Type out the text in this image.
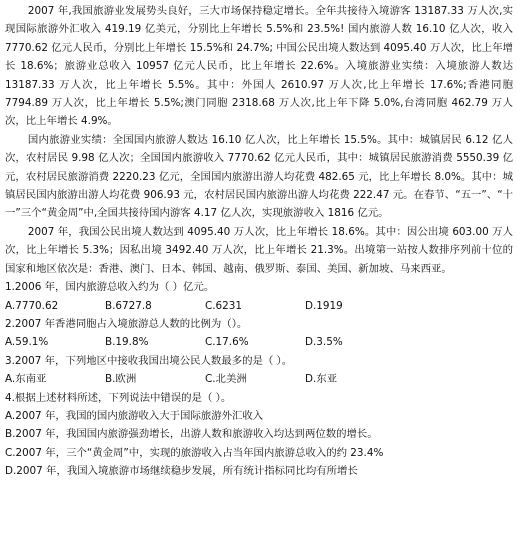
2007 年,我国旅游业发展势头良好，三大市场保持稳定增长。全年共接待入境游客 13187.33 万人次,实现国际旅游外汇收入 419.19 亿美元，分别比上年增长 5.5%和 23.5%! 国内旅游人数 16.10 亿人次，收入 7770.62 亿元人民币，分别比上年增长 15.5%和 24.7%; 中国公民出境人数达到 4095.40 万人次，比上年增长 18.6%；旅游业总收入 10957 亿元人民币，比上年增长 22.6%。入境旅游业实绩：入境旅游人数达 13187.33 万人次，比上年增长 5.5%。其中：外国人 2610.97 万人次,比上年增长 17.6%;香港同胞 7794.89 万人次，比上年增长 5.5%;澳门同胞 2318.68 万人次,比上年下降 5.0%,台湾同胞 462.79 万人次，比上年增长 4.9%。

国内旅游业实绩：全国国内旅游人数达 16.10 亿人次，比上年增长 15.5%。其中：城镇居民 6.12 亿人次，农村居民 9.98 亿人次；全国国内旅游收入 7770.62 亿元人民币，其中：城镇居民旅游消费 5550.39 亿元，农村居民旅游消费 2220.23 亿元，全国国内旅游出游人均花费 482.65 元，比上年增长 8.0%。其中：城镇居民国内旅游出游人均花费 906.93 元，农村居民国内旅游出游人均花费 222.47 元。在春节、“五一”、“十一”三个“黄金周”中,全国共接待国内游客 4.17 亿人次，实现旅游收入 1816 亿元。

2007 年，我国公民出境人数达到 4095.40 万人次，比上年增长 18.6%。其中：因公出境 603.00 万人次，比上年增长 5.3%；因私出境 3492.40 万人次，比上年增长 21.3%。出境第一站按人数排序列前十位的国家和地区依次是：香港、澳门、日本、韩国、越南、俄罗斯、泰国、美国、新加坡、马来西亚。

1.2006 年，国内旅游总收入约为（ ）亿元。

A.7770.62	B.6727.8	C.6231	D.1919

2.2007 年香港同胞占入境旅游总人数的比例为（）。

A.59.1%	B.19.8%	C.17.6%	D.3.5%

3.2007 年，下列地区中接收我国出境公民人数最多的是（ ）。

A.东南亚	B.欧洲	C.北美洲	D.东亚

4.根据上述材料所述，下列说法中错误的是（ ）。

A.2007 年，我国的国内旅游收入大于国际旅游外汇收入

B.2007 年，我国国内旅游强劲增长，出游人数和旅游收入均达到两位数的增长。

C.2007 年，三个“黄金周”中，实现的旅游收入占当年国内旅游总收入的约 23.4%

D.2007 年，我国入境旅游市场继续稳步发展，所有统计指标同比均有所增长
